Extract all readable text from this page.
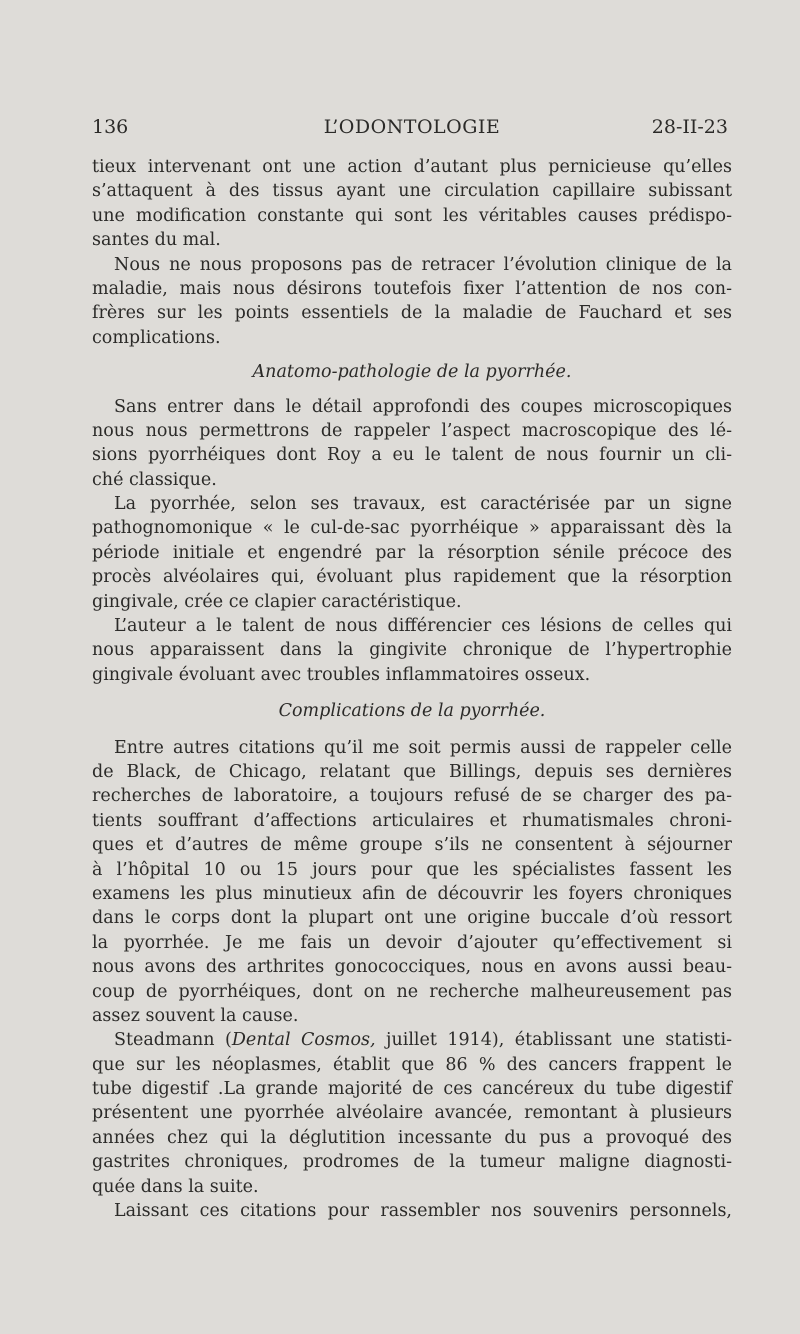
136	L’ODONTOLOGIE	28-II-23
tieux intervenant ont une action d’autant plus pernicieuse qu’elles
s’attaquent à des tissus ayant une circulation capillaire subissant
une modification constante qui sont les véritables causes prédispo-
santes du mal.
Nous ne nous proposons pas de retracer l’évolution clinique de la
maladie, mais nous désirons toutefois fixer l’attention de nos con-
frères sur les points essentiels de la maladie de Fauchard et ses
complications.
Anatomo-pathologie de la pyorrhée.
Sans entrer dans le détail approfondi des coupes microscopiques
nous nous permettrons de rappeler l’aspect macroscopique des lé-
sions pyorrhéiques dont Roy a eu le talent de nous fournir un cli-
ché classique.
La pyorrhée, selon ses travaux, est caractérisée par un signe
pathognomonique « le cul-de-sac pyorrhéique » apparaissant dès la
période initiale et engendré par la résorption sénile précoce des
procès alvéolaires qui, évoluant plus rapidement que la résorption
gingivale, crée ce clapier caractéristique.
L’auteur a le talent de nous différencier ces lésions de celles qui
nous apparaissent dans la gingivite chronique de l’hypertrophie
gingivale évoluant avec troubles inflammatoires osseux.
Complications de la pyorrhée.
Entre autres citations qu’il me soit permis aussi de rappeler celle
de Black, de Chicago, relatant que Billings, depuis ses dernières
recherches de laboratoire, a toujours refusé de se charger des pa-
tients souffrant d’affections articulaires et rhumatismales chroni-
ques et d’autres de même groupe s’ils ne consentent à séjourner
à l’hôpital 10 ou 15 jours pour que les spécialistes fassent les
examens les plus minutieux afin de découvrir les foyers chroniques
dans le corps dont la plupart ont une origine buccale d’où ressort
la pyorrhée. Je me fais un devoir d’ajouter qu’effectivement si
nous avons des arthrites gonococciques, nous en avons aussi beau-
coup de pyorrhéiques, dont on ne recherche malheureusement pas
assez souvent la cause.
Steadmann (Dental Cosmos, juillet 1914), établissant une statisti-
que sur les néoplasmes, établit que 86 % des cancers frappent le
tube digestif .La grande majorité de ces cancéreux du tube digestif
présentent une pyorrhée alvéolaire avancée, remontant à plusieurs
années chez qui la déglutition incessante du pus a provoqué des
gastrites chroniques, prodromes de la tumeur maligne diagnosti-
quée dans la suite.
Laissant ces citations pour rassembler nos souvenirs personnels,
